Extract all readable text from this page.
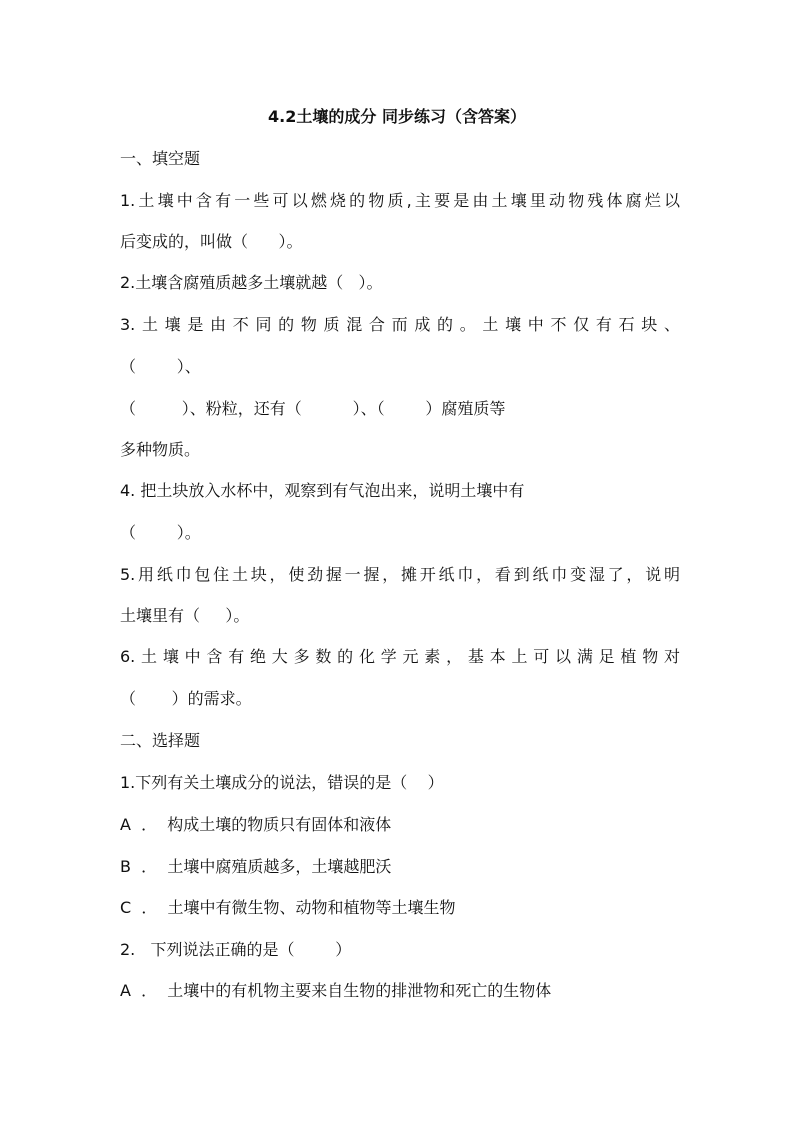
4.2土壤的成分 同步练习（含答案）
一、填空题
1.土壤中含有一些可以燃烧的物质,主要是由土壤里动物残体腐烂以
后变成的，叫做（      ）。
2.土壤含腐殖质越多土壤就越（   ）。
3.土壤是由不同的物质混合而成的。土壤中不仅有石块、
（        ）、
（         ）、粉粒，还有（          ）、（        ）腐殖质等
多种物质。
4. 把土块放入水杯中，观察到有气泡出来，说明土壤中有
（        ）。
5.用纸巾包住土块，使劲握一握，摊开纸巾，看到纸巾变湿了，说明
土壤里有（     ）。
6.土壤中含有绝大多数的化学元素，基本上可以满足植物对
（       ）的需求。
二、选择题
1.下列有关土壤成分的说法，错误的是（    ）
A  ．  构成土壤的物质只有固体和液体
B  ．  土壤中腐殖质越多，土壤越肥沃
C  ．  土壤中有微生物、动物和植物等土壤生物
2.   下列说法正确的是（        ）
A  ．  土壤中的有机物主要来自生物的排泄物和死亡的生物体
